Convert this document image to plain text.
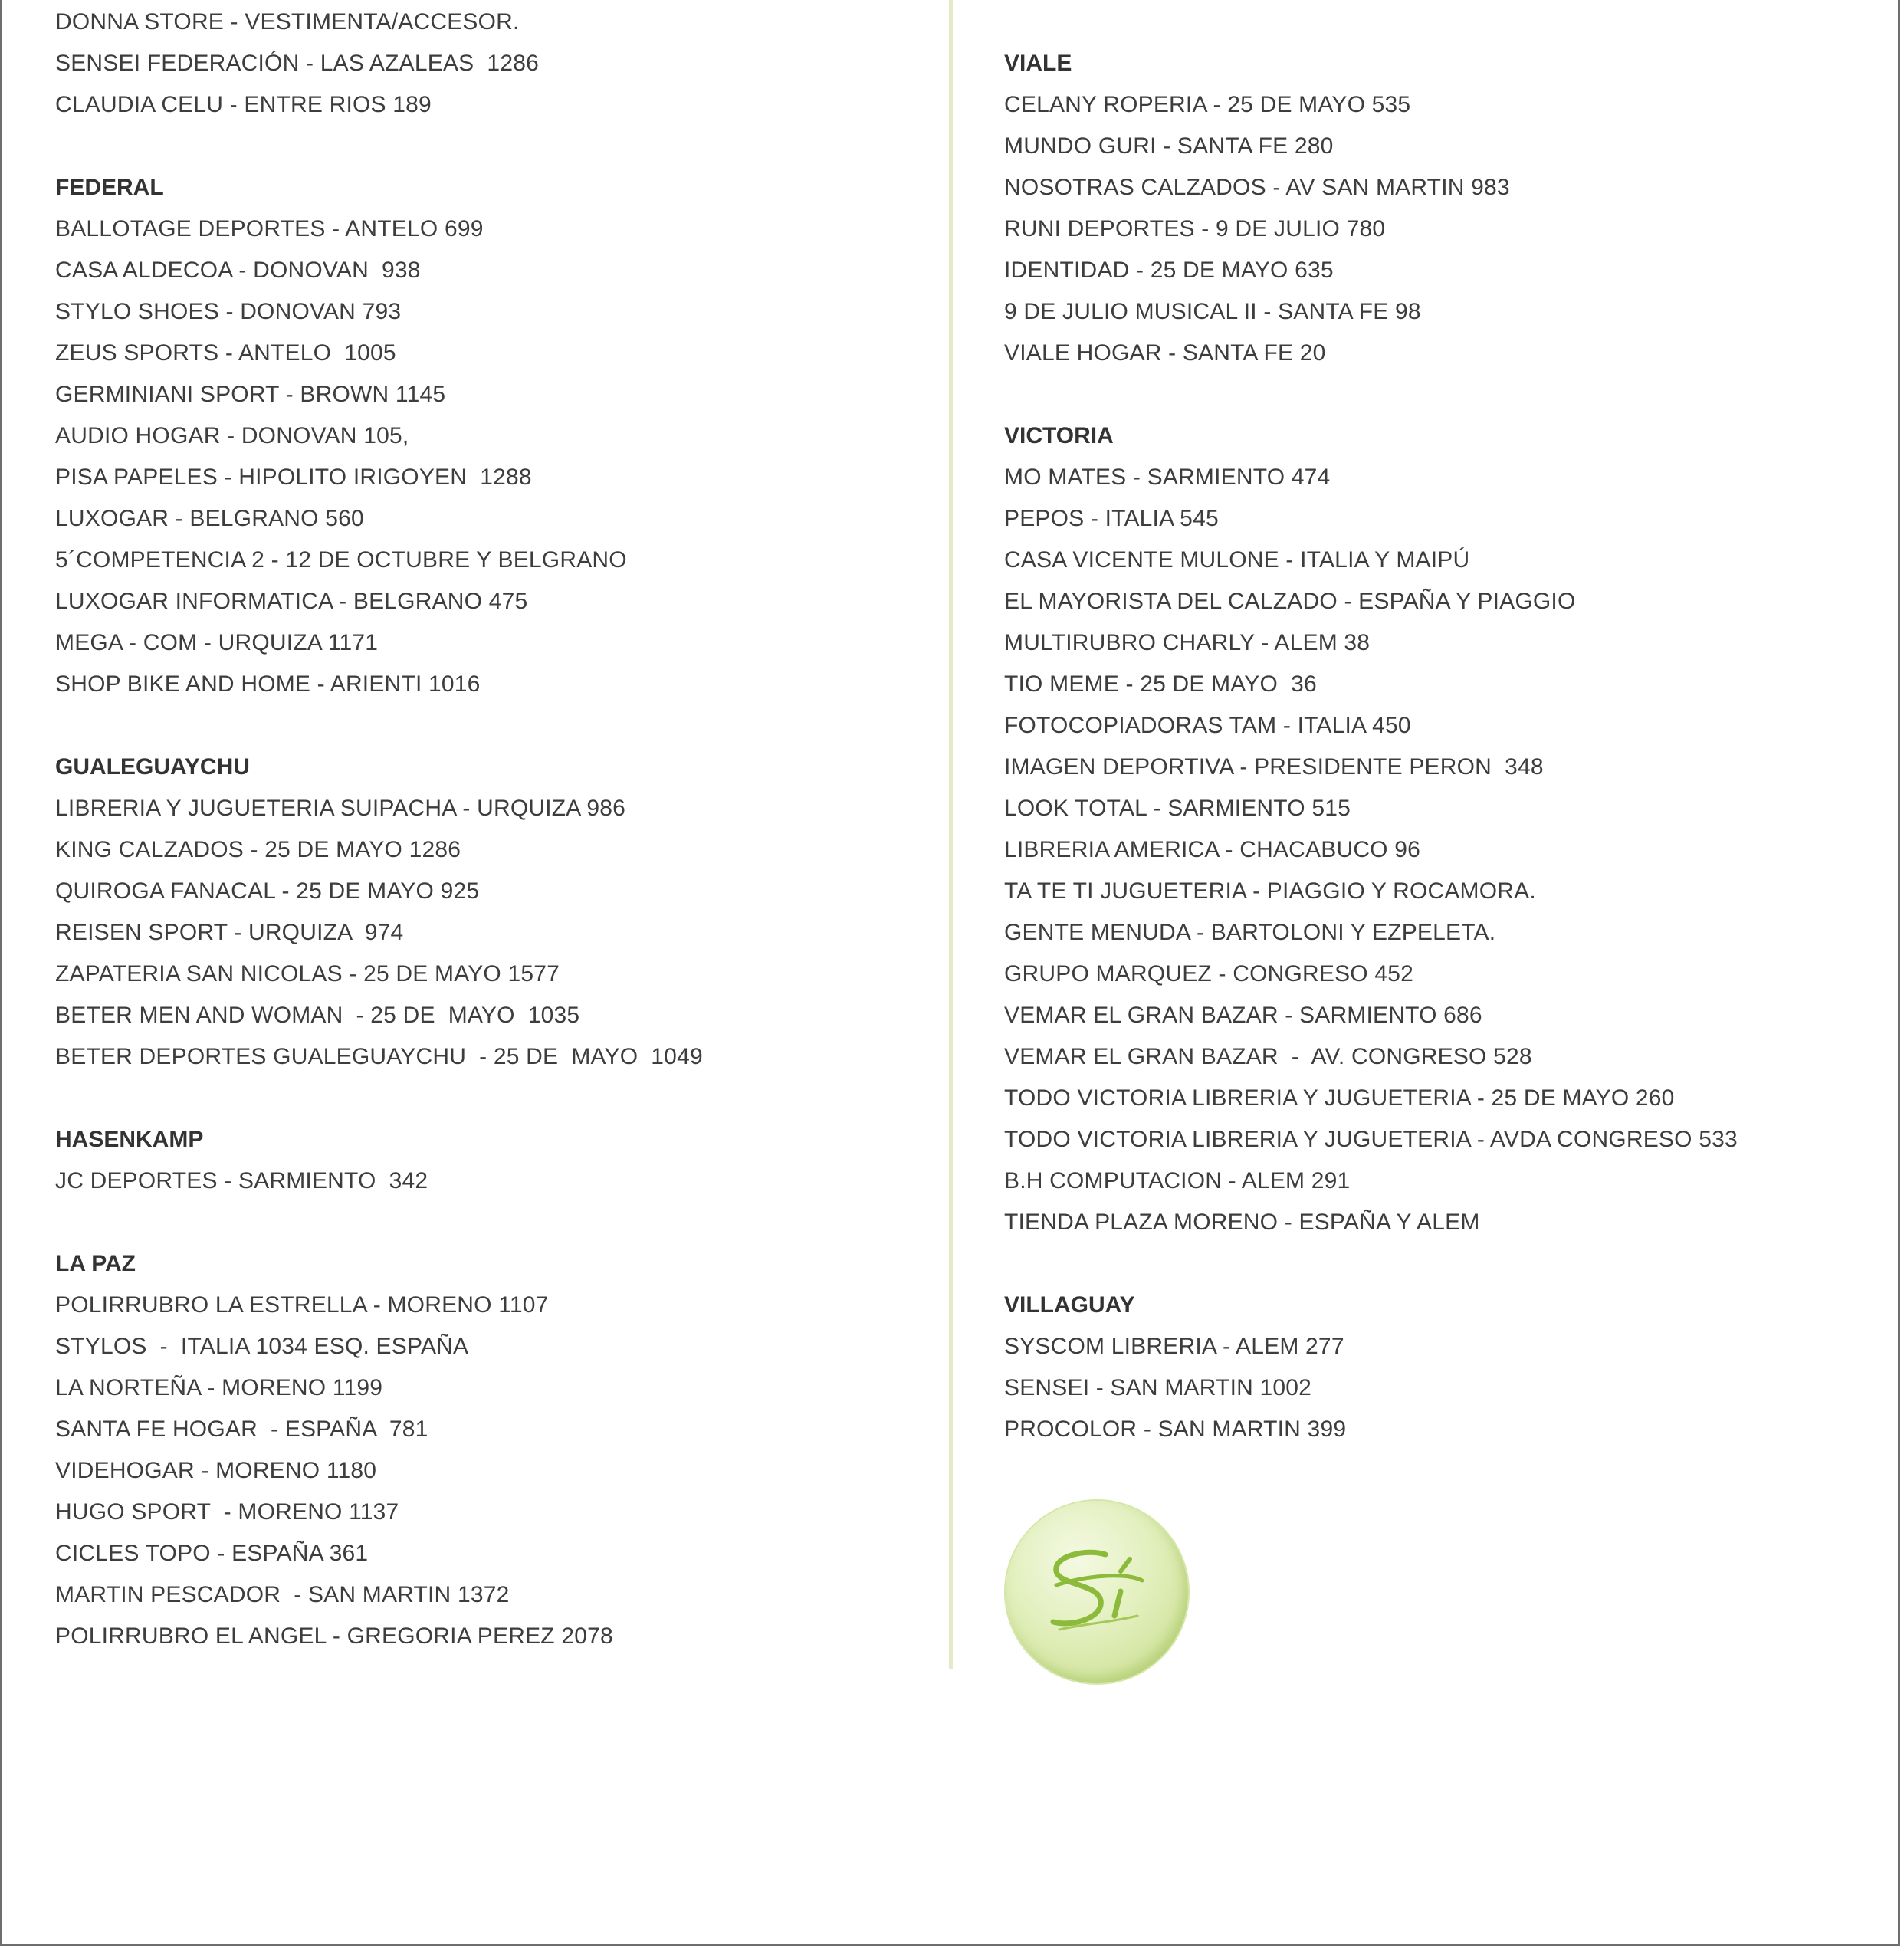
DONNA STORE - VESTIMENTA/ACCESOR.
SENSEI FEDERACIÓN - LAS AZALEAS  1286
CLAUDIA CELU - ENTRE RIOS 189
FEDERAL
BALLOTAGE DEPORTES - ANTELO 699
CASA ALDECOA - DONOVAN  938
STYLO SHOES - DONOVAN 793
ZEUS SPORTS - ANTELO  1005
GERMINIANI SPORT - BROWN 1145
AUDIO HOGAR - DONOVAN 105,
PISA PAPELES - HIPOLITO IRIGOYEN  1288
LUXOGAR - BELGRANO 560
5´COMPETENCIA 2 - 12 DE OCTUBRE Y BELGRANO
LUXOGAR INFORMATICA - BELGRANO 475
MEGA - COM - URQUIZA 1171
SHOP BIKE AND HOME - ARIENTI 1016
GUALEGUAYCHU
LIBRERIA Y JUGUETERIA SUIPACHA - URQUIZA 986
KING CALZADOS - 25 DE MAYO 1286
QUIROGA FANACAL - 25 DE MAYO 925
REISEN SPORT - URQUIZA  974
ZAPATERIA SAN NICOLAS - 25 DE MAYO 1577
BETER MEN AND WOMAN  - 25 DE  MAYO  1035
BETER DEPORTES GUALEGUAYCHU  - 25 DE  MAYO  1049
HASENKAMP
JC DEPORTES - SARMIENTO  342
LA PAZ
POLIRRUBRO LA ESTRELLA - MORENO 1107
STYLOS  -  ITALIA 1034 ESQ. ESPAÑA
LA NORTEÑA - MORENO 1199
SANTA FE HOGAR  - ESPAÑA  781
VIDEHOGAR - MORENO 1180
HUGO SPORT  - MORENO 1137
CICLES TOPO - ESPAÑA 361
MARTIN PESCADOR  - SAN MARTIN 1372
POLIRRUBRO EL ANGEL - GREGORIA PEREZ 2078
VIALE
CELANY ROPERIA - 25 DE MAYO 535
MUNDO GURI - SANTA FE 280
NOSOTRAS CALZADOS - AV SAN MARTIN 983
RUNI DEPORTES - 9 DE JULIO 780
IDENTIDAD - 25 DE MAYO 635
9 DE JULIO MUSICAL II - SANTA FE 98
VIALE HOGAR - SANTA FE 20
VICTORIA
MO MATES - SARMIENTO 474
PEPOS - ITALIA 545
CASA VICENTE MULONE - ITALIA Y MAIPÚ
EL MAYORISTA DEL CALZADO - ESPAÑA Y PIAGGIO
MULTIRUBRO CHARLY - ALEM 38
TIO MEME - 25 DE MAYO  36
FOTOCOPIADORAS TAM - ITALIA 450
IMAGEN DEPORTIVA - PRESIDENTE PERON  348
LOOK TOTAL - SARMIENTO 515
LIBRERIA AMERICA - CHACABUCO 96
TA TE TI JUGUETERIA - PIAGGIO Y ROCAMORA.
GENTE MENUDA - BARTOLONI Y EZPELETA.
GRUPO MARQUEZ - CONGRESO 452
VEMAR EL GRAN BAZAR - SARMIENTO 686
VEMAR EL GRAN BAZAR  -  AV. CONGRESO 528
TODO VICTORIA LIBRERIA Y JUGUETERIA - 25 DE MAYO 260
TODO VICTORIA LIBRERIA Y JUGUETERIA - AVDA CONGRESO 533
B.H COMPUTACION - ALEM 291
TIENDA PLAZA MORENO - ESPAÑA Y ALEM
VILLAGUAY
SYSCOM LIBRERIA - ALEM 277
SENSEI - SAN MARTIN 1002
PROCOLOR - SAN MARTIN 399
